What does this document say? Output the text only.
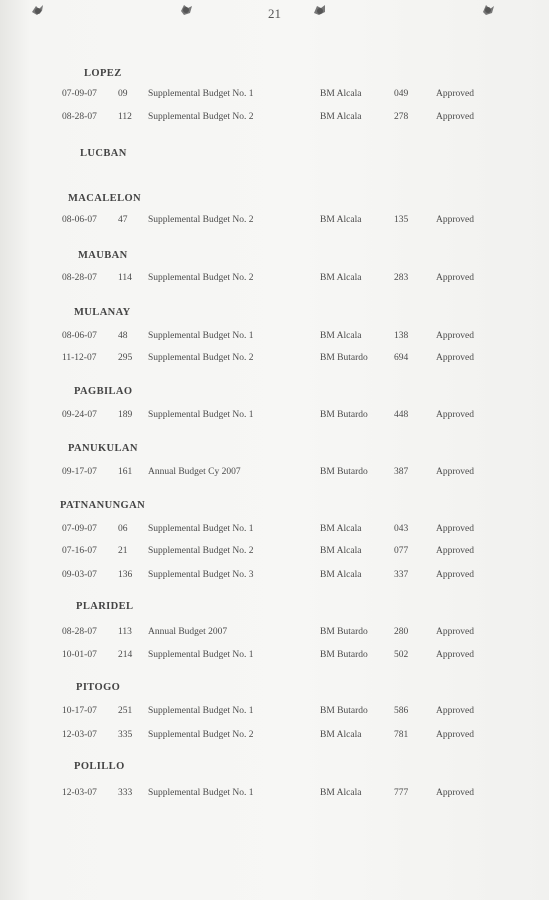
21
LOPEZ
07-09-07 09 Supplemental Budget No. 1	BM Alcala	049	Approved
08-28-07 112 Supplemental Budget No. 2	BM Alcala	278	Approved
LUCBAN
MACALELON
08-06-07 47 Supplemental Budget No. 2	BM Alcala	135	Approved
MAUBAN
08-28-07 114 Supplemental Budget No. 2	BM Alcala	283	Approved
MULANAY
08-06-07 48 Supplemental Budget No. 1	BM Alcala	138	Approved
11-12-07 295 Supplemental Budget No. 2	BM Butardo	694	Approved
PAGBILAO
09-24-07 189 Supplemental Budget No. 1	BM Butardo	448	Approved
PANUKULAN
09-17-07 161 Annual Budget Cy 2007	BM Butardo	387	Approved
PATNANUNGAN
07-09-07 06 Supplemental Budget No. 1	BM Alcala	043	Approved
07-16-07 21 Supplemental Budget No. 2	BM Alcala	077	Approved
09-03-07 136 Supplemental Budget No. 3	BM Alcala	337	Approved
PLARIDEL
08-28-07 113 Annual Budget 2007	BM Butardo	280	Approved
10-01-07 214 Supplemental Budget No. 1	BM Butardo	502	Approved
PITOGO
10-17-07 251 Supplemental Budget No. 1	BM Butardo	586	Approved
12-03-07 335 Supplemental Budget No. 2	BM Alcala	781	Approved
POLILLO
12-03-07 333 Supplemental Budget No. 1	BM Alcala	777	Approved
